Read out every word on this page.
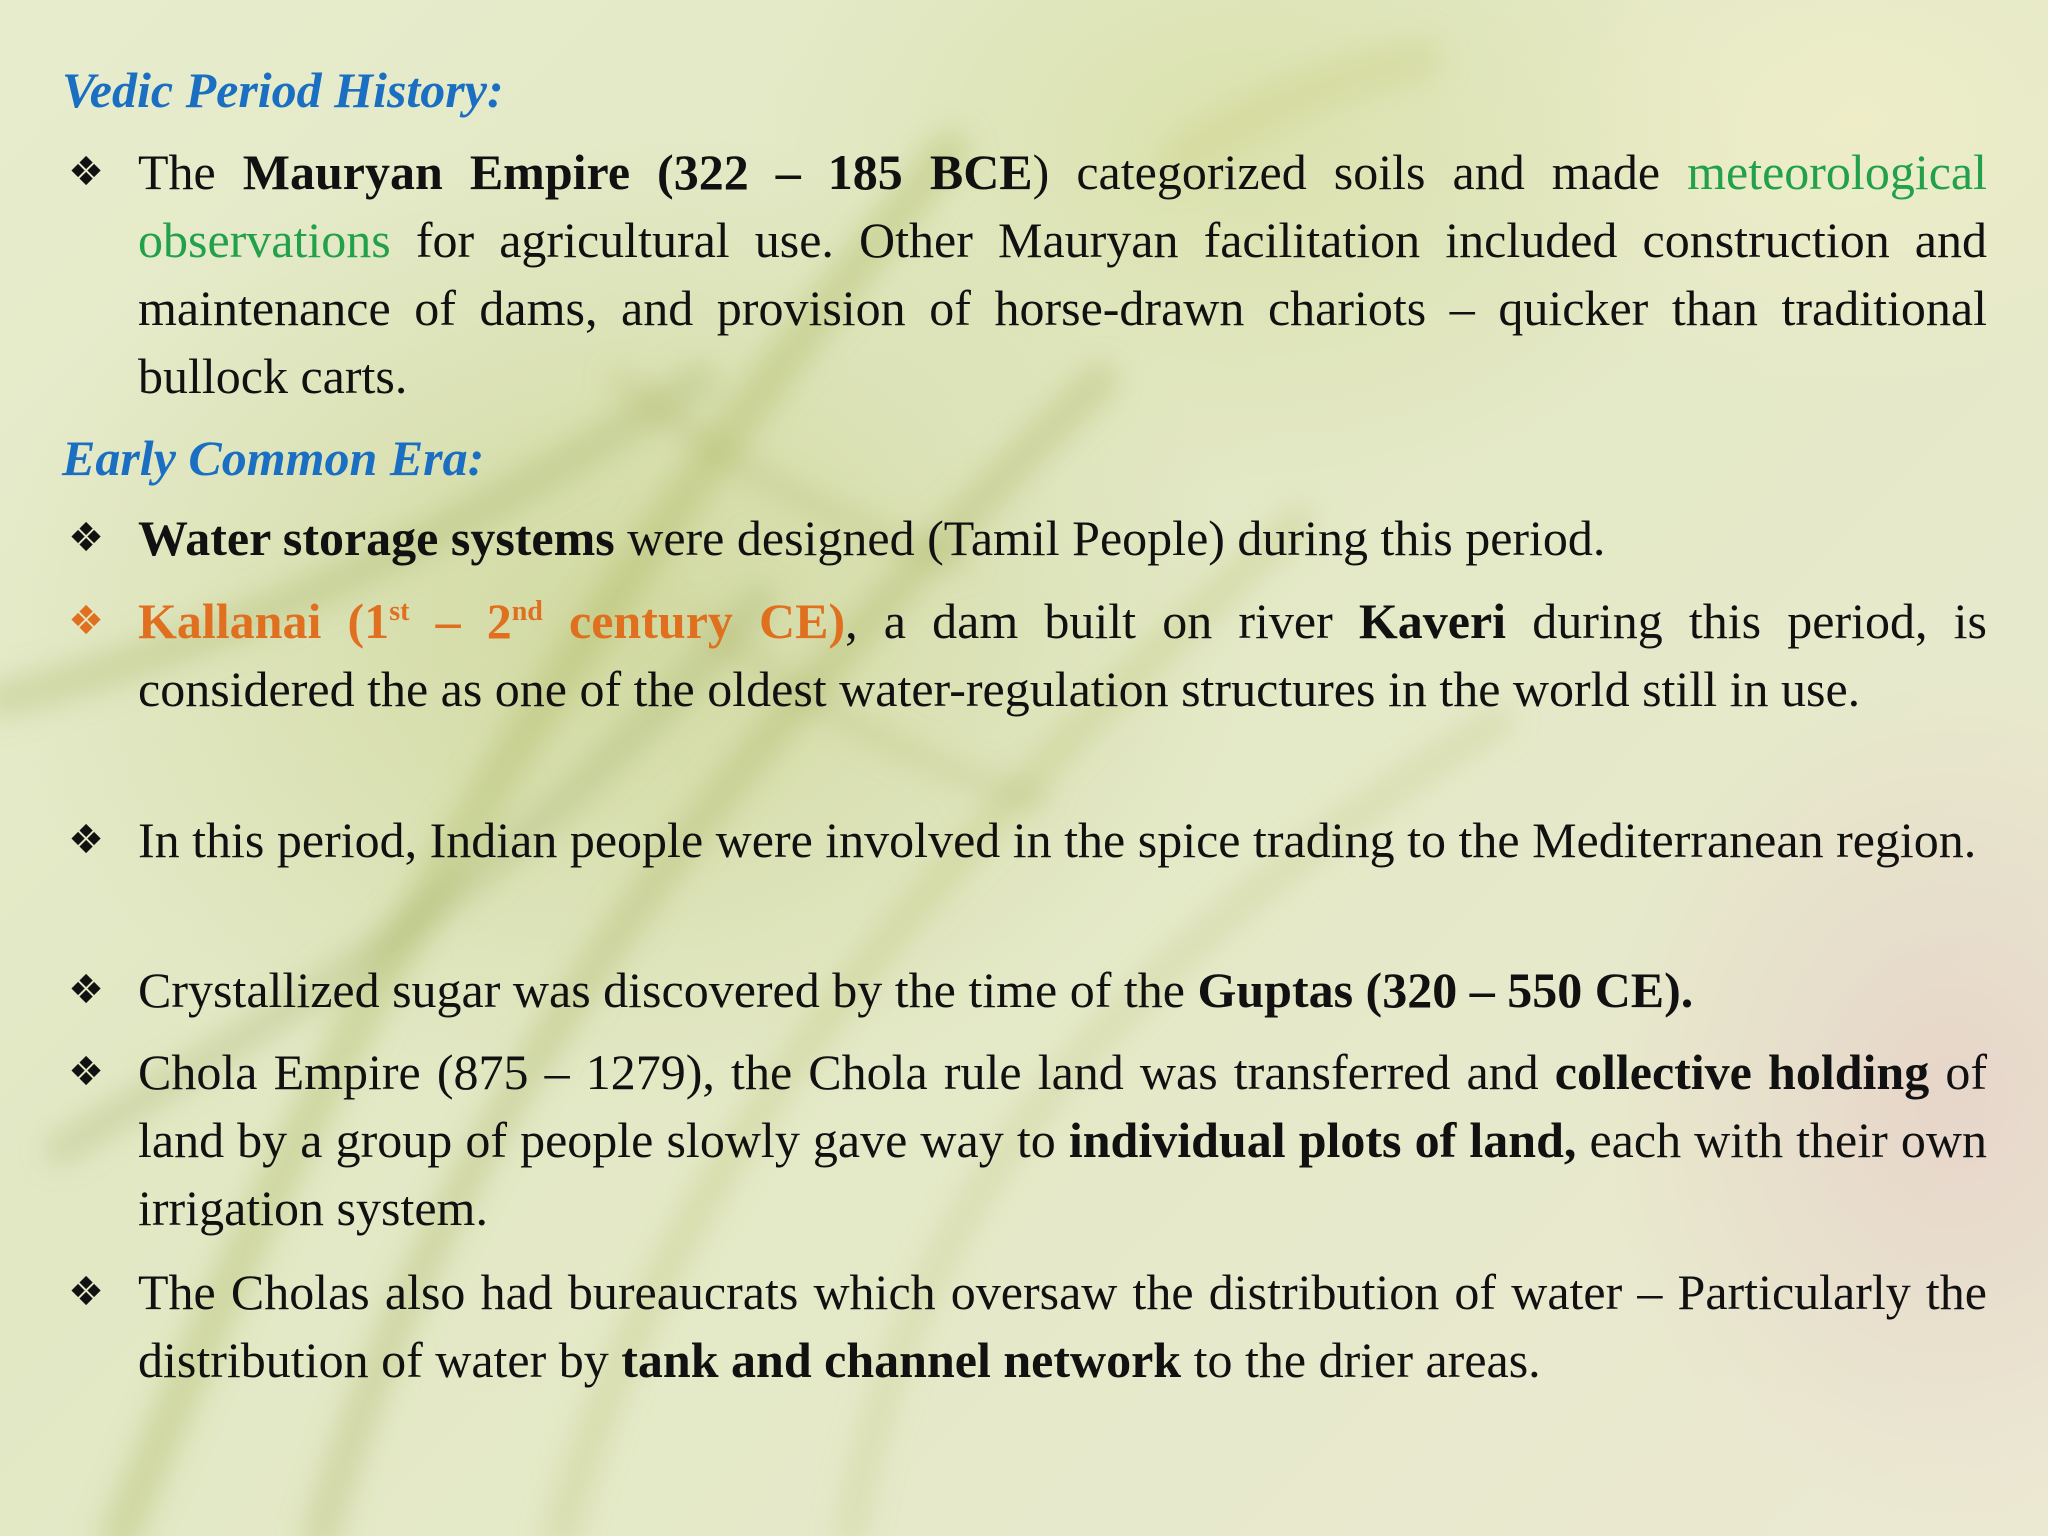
Vedic Period History:
❖ The Mauryan Empire (322 – 185 BCE) categorized soils and made meteorological observations for agricultural use. Other Mauryan facilitation included construction and maintenance of dams, and provision of horse-drawn chariots – quicker than traditional bullock carts.
Early Common Era:
❖ Water storage systems were designed (Tamil People) during this period.
❖ Kallanai (1st – 2nd century CE), a dam built on river Kaveri during this period, is considered the as one of the oldest water-regulation structures in the world still in use.
❖ In this period, Indian people were involved in the spice trading to the Mediterranean region.
❖ Crystallized sugar was discovered by the time of the Guptas (320 – 550 CE).
❖ Chola Empire (875 – 1279), the Chola rule land was transferred and collective holding of land by a group of people slowly gave way to individual plots of land, each with their own irrigation system.
❖ The Cholas also had bureaucrats which oversaw the distribution of water – Particularly the distribution of water by tank and channel network to the drier areas.
